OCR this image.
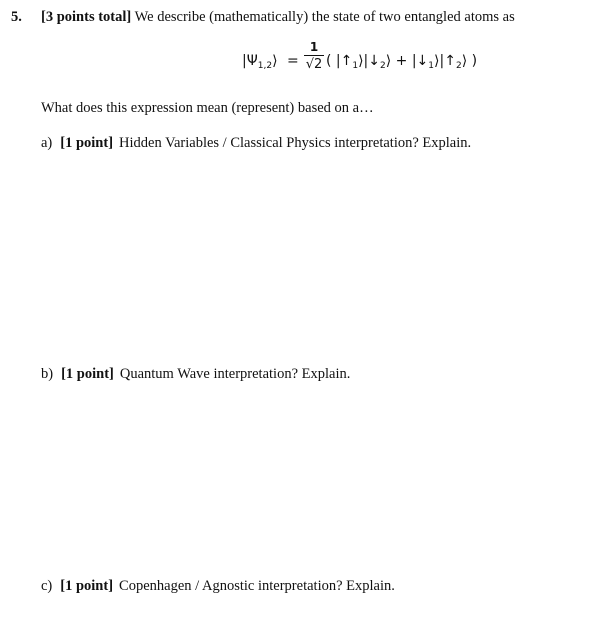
5. [3 points total] We describe (mathematically) the state of two entangled atoms as
$|\Psi_{1,2}⟩$ =
1
√2 ( $|↑_1⟩|↓_2⟩$ + $|↓_1⟩|↑_2⟩$ )
What does this expression mean (represent) based on a…
a) [1 point] Hidden Variables / Classical Physics interpretation? Explain.
b) [1 point] Quantum Wave interpretation? Explain.
c) [1 point] Copenhagen / Agnostic interpretation? Explain.
